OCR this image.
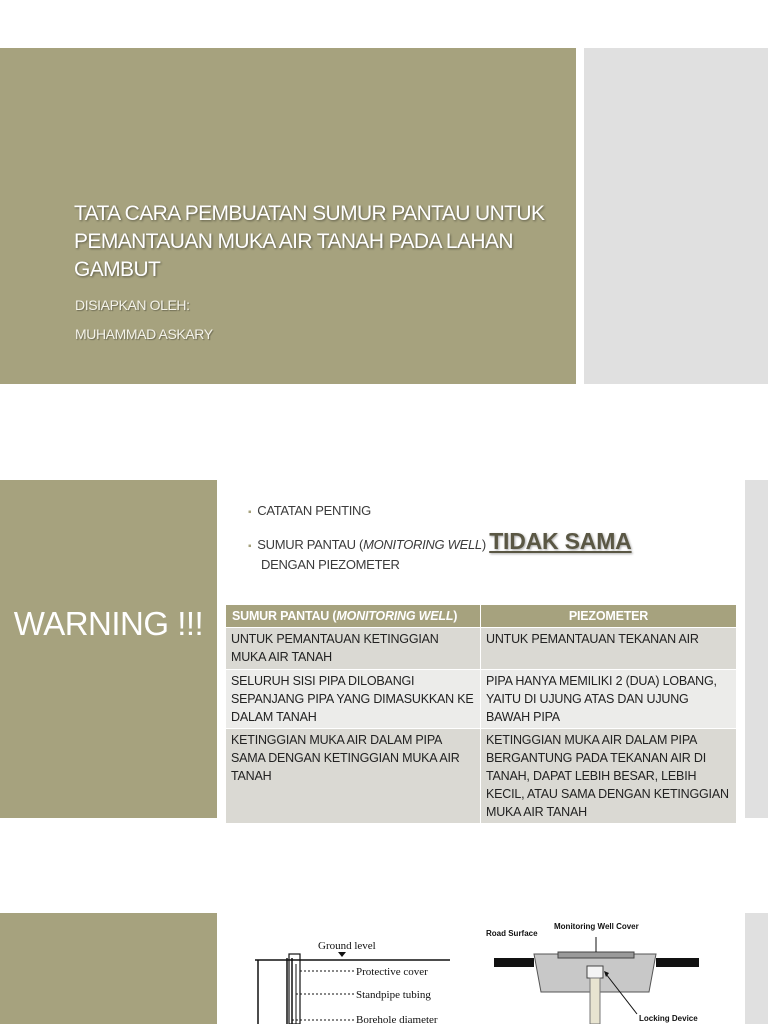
TATA CARA PEMBUATAN SUMUR PANTAU UNTUK PEMANTAUAN MUKA AIR TANAH PADA LAHAN GAMBUT
DISIAPKAN OLEH:
MUHAMMAD ASKARY
WARNING !!!
▪ CATATAN PENTING
▪ SUMUR PANTAU (MONITORING WELL) TIDAK SAMA
DENGAN PIEZOMETER
SUMUR PANTAU (MONITORING WELL)	PIEZOMETER
UNTUK PEMANTAUAN KETINGGIAN MUKA AIR TANAH	UNTUK PEMANTAUAN TEKANAN AIR
SELURUH SISI PIPA DILOBANGI SEPANJANG PIPA YANG DIMASUKKAN KE DALAM TANAH	PIPA HANYA MEMILIKI 2 (DUA) LOBANG, YAITU DI UJUNG ATAS DAN UJUNG BAWAH PIPA
KETINGGIAN MUKA AIR DALAM PIPA SAMA DENGAN KETINGGIAN MUKA AIR TANAH	KETINGGIAN MUKA AIR DALAM PIPA BERGANTUNG PADA TEKANAN AIR DI TANAH, DAPAT LEBIH BESAR, LEBIH KECIL, ATAU SAMA DENGAN KETINGGIAN MUKA AIR TANAH
Ground level
Protective cover
Standpipe tubing
Borehole diameter
Road Surface
Monitoring Well Cover
Locking Device
